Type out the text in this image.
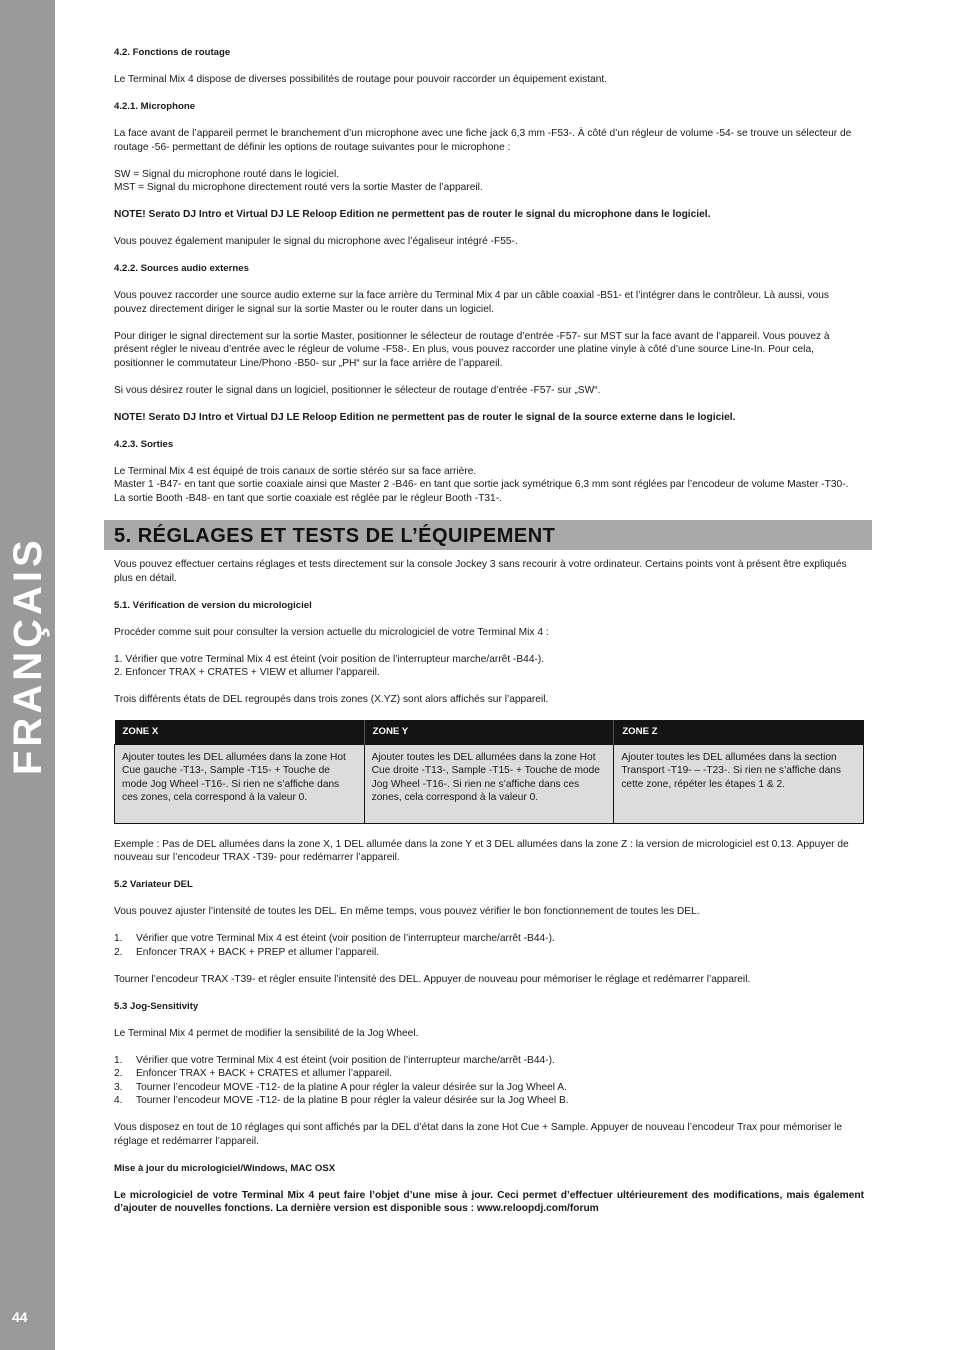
FRANÇAIS
44
4.2. Fonctions de routage

Le Terminal Mix 4 dispose de diverses possibilités de routage pour pouvoir raccorder un équipement existant.

4.2.1. Microphone

La face avant de l’appareil permet le branchement d’un microphone avec une fiche jack 6,3 mm -F53-. À côté d’un régleur de volume -54- se trouve un sélecteur de routage -56- permettant de définir les options de routage suivantes pour le microphone :

SW = Signal du microphone routé dans le logiciel.
MST = Signal du microphone directement routé vers la sortie Master de l’appareil.

NOTE! Serato DJ Intro et Virtual DJ LE Reloop Edition ne permettent pas de router le signal du microphone dans le logiciel.

Vous pouvez également manipuler le signal du microphone avec l’égaliseur intégré -F55-.

4.2.2. Sources audio externes

Vous pouvez raccorder une source audio externe sur la face arrière du Terminal Mix 4 par un câble coaxial -B51- et l’intégrer dans le contrôleur. Là aussi, vous pouvez directement diriger le signal sur la sortie Master ou le router dans un logiciel.

Pour diriger le signal directement sur la sortie Master, positionner le sélecteur de routage d’entrée -F57- sur MST sur la face avant de l’appareil. Vous pouvez à présent régler le niveau d’entrée avec le régleur de volume -F58-. En plus, vous pouvez raccorder une platine vinyle à côté d’une source Line-In. Pour cela, positionner le commutateur Line/Phono -B50- sur „PH“ sur la face arrière de l’appareil.

Si vous désirez router le signal dans un logiciel, positionner le sélecteur de routage d’entrée -F57- sur „SW“.

NOTE! Serato DJ Intro et Virtual DJ LE Reloop Edition ne permettent pas de router le signal de la source externe dans le logiciel.

4.2.3. Sorties

Le Terminal Mix 4 est équipé de trois canaux de sortie stéréo sur sa face arrière.
Master 1 -B47- en tant que sortie coaxiale ainsi que Master 2 -B46- en tant que sortie jack symétrique 6,3 mm sont réglées par l’encodeur de volume Master -T30-.
La sortie Booth -B48- en tant que sortie coaxiale est réglée par le régleur Booth -T31-.

5. RÉGLAGES ET TESTS DE L’ÉQUIPEMENT

Vous pouvez effectuer certains réglages et tests directement sur la console Jockey 3 sans recourir à votre ordinateur. Certains points vont à présent être expliqués plus en détail.

5.1. Vérification de version du micrologiciel

Procéder comme suit pour consulter la version actuelle du micrologiciel de votre Terminal Mix 4 :

1. Vérifier que votre Terminal Mix 4 est éteint (voir position de l’interrupteur marche/arrêt -B44-).
2. Enfoncer TRAX + CRATES + VIEW et allumer l’appareil.

Trois différents états de DEL regroupés dans trois zones (X.YZ) sont alors affichés sur l’appareil.

ZONE X	ZONE Y	ZONE Z
Ajouter toutes les DEL allumées dans la zone Hot Cue gauche -T13-, Sample -T15- + Touche de mode Jog Wheel -T16-. Si rien ne s’affiche dans ces zones, cela correspond à la valeur 0.	Ajouter toutes les DEL allumées dans la zone Hot Cue droite -T13-, Sample -T15- + Touche de mode Jog Wheel -T16-. Si rien ne s’affiche dans ces zones, cela correspond à la valeur 0.	Ajouter toutes les DEL allumées dans la section Transport -T19- – -T23-. Si rien ne s’affiche dans cette zone, répéter les étapes 1 & 2.

Exemple : Pas de DEL allumées dans la zone X, 1 DEL allumée dans la zone Y et 3 DEL allumées dans la zone Z : la version de micrologiciel est 0.13. Appuyer de nouveau sur l’encodeur TRAX -T39- pour redémarrer l’appareil.

5.2 Variateur DEL

Vous pouvez ajuster l’intensité de toutes les DEL. En même temps, vous pouvez vérifier le bon fonctionnement de toutes les DEL.

1. Vérifier que votre Terminal Mix 4 est éteint (voir position de l’interrupteur marche/arrêt -B44-).
2. Enfoncer TRAX + BACK + PREP et allumer l’appareil.

Tourner l’encodeur TRAX -T39- et régler ensuite l’intensité des DEL. Appuyer de nouveau pour mémoriser le réglage et redémarrer l’appareil.

5.3 Jog-Sensitivity

Le Terminal Mix 4 permet de modifier la sensibilité de la Jog Wheel.

1. Vérifier que votre Terminal Mix 4 est éteint (voir position de l’interrupteur marche/arrêt -B44-).
2. Enfoncer TRAX + BACK + CRATES et allumer l’appareil.
3. Tourner l’encodeur MOVE -T12- de la platine A pour régler la valeur désirée sur la Jog Wheel A.
4. Tourner l’encodeur MOVE -T12- de la platine B pour régler la valeur désirée sur la Jog Wheel B.

Vous disposez en tout de 10 réglages qui sont affichés par la DEL d’état dans la zone Hot Cue + Sample. Appuyer de nouveau l’encodeur Trax pour mémoriser le réglage et redémarrer l’appareil.

Mise à jour du micrologiciel/Windows, MAC OSX

Le micrologiciel de votre Terminal Mix 4 peut faire l’objet d’une mise à jour. Ceci permet d’effectuer ultérieurement des modifications, mais également d’ajouter de nouvelles fonctions. La dernière version est disponible sous : www.reloopdj.com/forum
